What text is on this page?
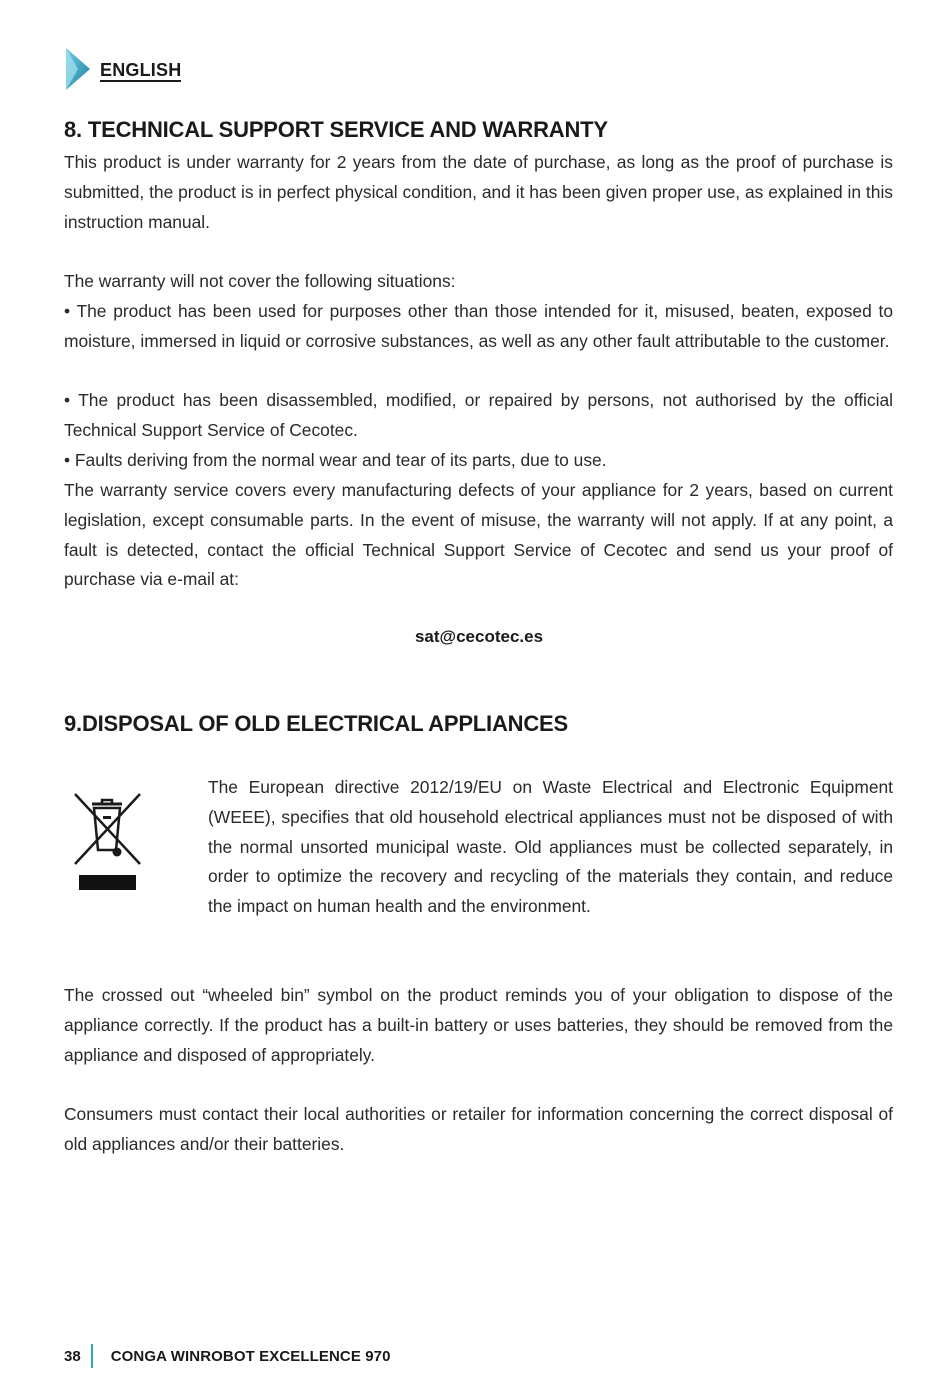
ENGLISH
8. TECHNICAL SUPPORT SERVICE AND WARRANTY

This product is under warranty for 2 years from the date of purchase, as long as the proof of purchase is submitted, the product is in perfect physical condition, and it has been given proper use, as explained in this instruction manual.

The warranty will not cover the following situations:

• The product has been used for purposes other than those intended for it, misused, beaten, exposed to moisture, immersed in liquid or corrosive substances, as well as any other fault attributable to the customer.

• The product has been disassembled, modified, or repaired by persons, not authorised by the official Technical Support Service of Cecotec.

• Faults deriving from the normal wear and tear of its parts, due to use.

The warranty service covers every manufacturing defects of your appliance for 2 years, based on current legislation, except consumable parts. In the event of misuse, the warranty will not apply. If at any point, a fault is detected, contact the official Technical Support Service of Cecotec and send us your proof of purchase via e-mail at:

sat@cecotec.es
9.DISPOSAL OF OLD ELECTRICAL APPLIANCES

The European directive 2012/19/EU on Waste Electrical and Electronic Equipment (WEEE), specifies that old household electrical appliances must not be disposed of with the normal unsorted municipal waste. Old appliances must be collected separately, in order to optimize the recovery and recycling of the materials they contain, and reduce the impact on human health and the environment.

The crossed out “wheeled bin” symbol on the product reminds you of your obligation to dispose of the appliance correctly. If the product has a built-in battery or uses batteries, they should be removed from the appliance and disposed of appropriately.

Consumers must contact their local authorities or retailer for information concerning the correct disposal of old appliances and/or their batteries.

38 CONGA WINROBOT EXCELLENCE 970
